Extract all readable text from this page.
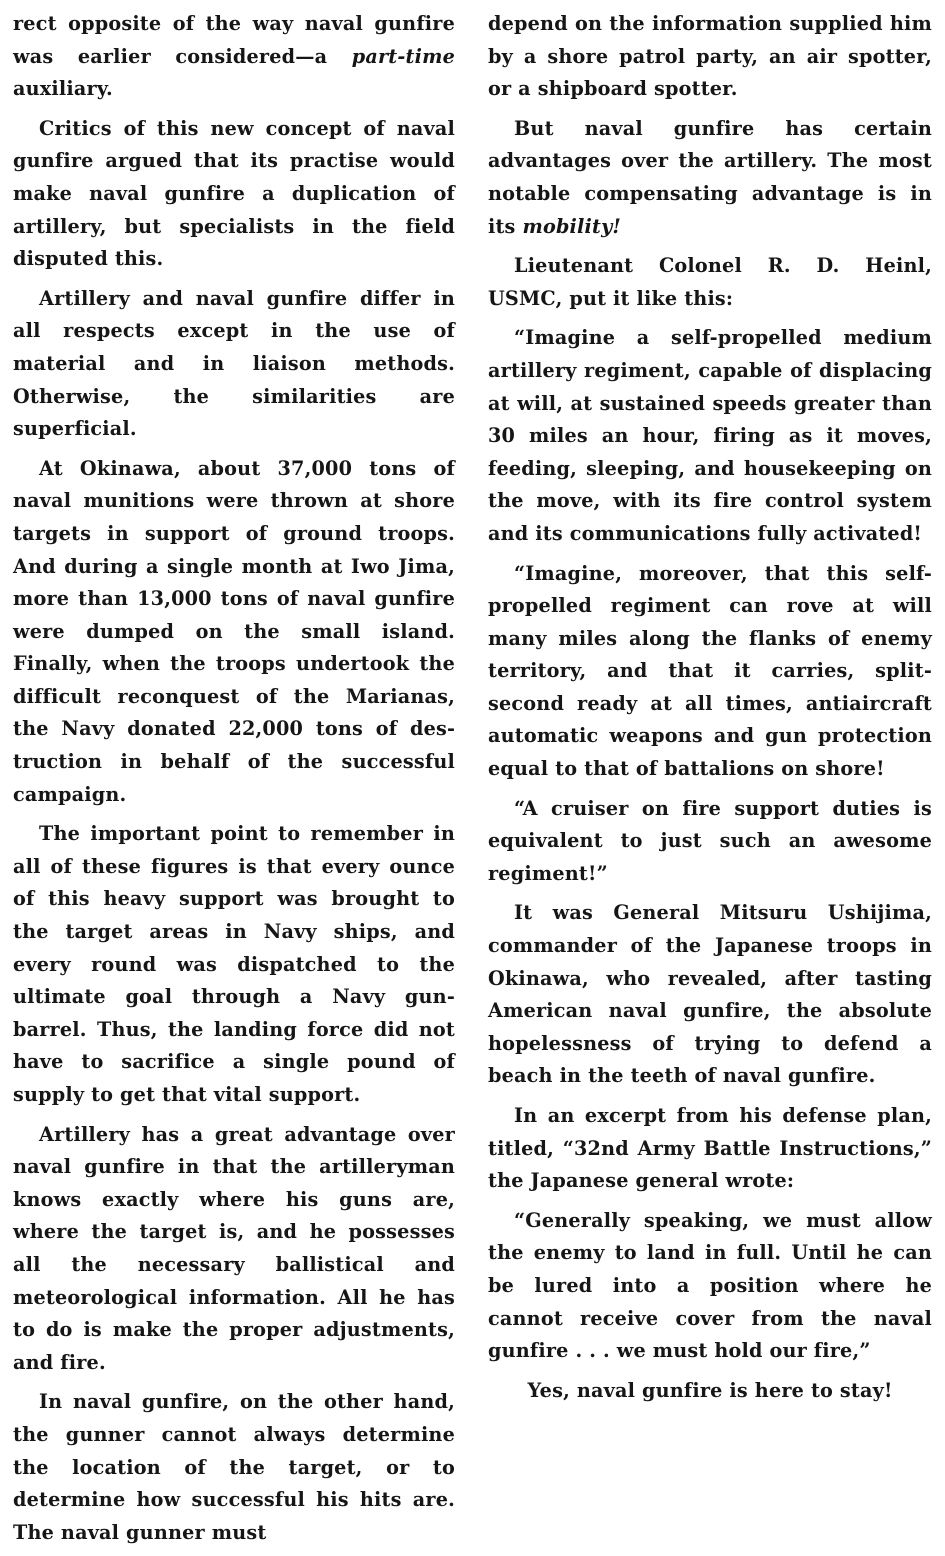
rect opposite of the way naval gunfire was earlier considered—a part-time auxiliary.

Critics of this new concept of naval gunfire argued that its practise would make naval gunfire a duplication of artillery, but specialists in the field disputed this.

Artillery and naval gunfire differ in all respects except in the use of material and in liaison methods. Otherwise, the similarities are superficial.

At Okinawa, about 37,000 tons of naval munitions were thrown at shore targets in support of ground troops. And during a single month at Iwo Jima, more than 13,000 tons of naval gunfire were dumped on the small island. Finally, when the troops undertook the difficult reconquest of the Marianas, the Navy donated 22,000 tons of destruction in behalf of the successful campaign.

The important point to remember in all of these figures is that every ounce of this heavy support was brought to the target areas in Navy ships, and every round was dispatched to the ultimate goal through a Navy gun-barrel. Thus, the landing force did not have to sacrifice a single pound of supply to get that vital support.

Artillery has a great advantage over naval gunfire in that the artilleryman knows exactly where his guns are, where the target is, and he possesses all the necessary ballistical and meteorological information. All he has to do is make the proper adjustments, and fire.

In naval gunfire, on the other hand, the gunner cannot always determine the location of the target, or to determine how successful his hits are. The naval gunner must

depend on the information supplied him by a shore patrol party, an air spotter, or a shipboard spotter.

But naval gunfire has certain advantages over the artillery. The most notable compensating advantage is in its mobility!

Lieutenant Colonel R. D. Heinl, USMC, put it like this:

“Imagine a self-propelled medium artillery regiment, capable of displacing at will, at sustained speeds greater than 30 miles an hour, firing as it moves, feeding, sleeping, and housekeeping on the move, with its fire control system and its communications fully activated!

“Imagine, moreover, that this self-propelled regiment can rove at will many miles along the flanks of enemy territory, and that it carries, split-second ready at all times, antiaircraft automatic weapons and gun protection equal to that of battalions on shore!

“A cruiser on fire support duties is equivalent to just such an awesome regiment!”

It was General Mitsuru Ushijima, commander of the Japanese troops in Okinawa, who revealed, after tasting American naval gunfire, the absolute hopelessness of trying to defend a beach in the teeth of naval gunfire.

In an excerpt from his defense plan, titled, “32nd Army Battle Instructions,” the Japanese general wrote:

“Generally speaking, we must allow the enemy to land in full. Until he can be lured into a position where he cannot receive cover from the naval gunfire . . . we must hold our fire,”

Yes, naval gunfire is here to stay!
